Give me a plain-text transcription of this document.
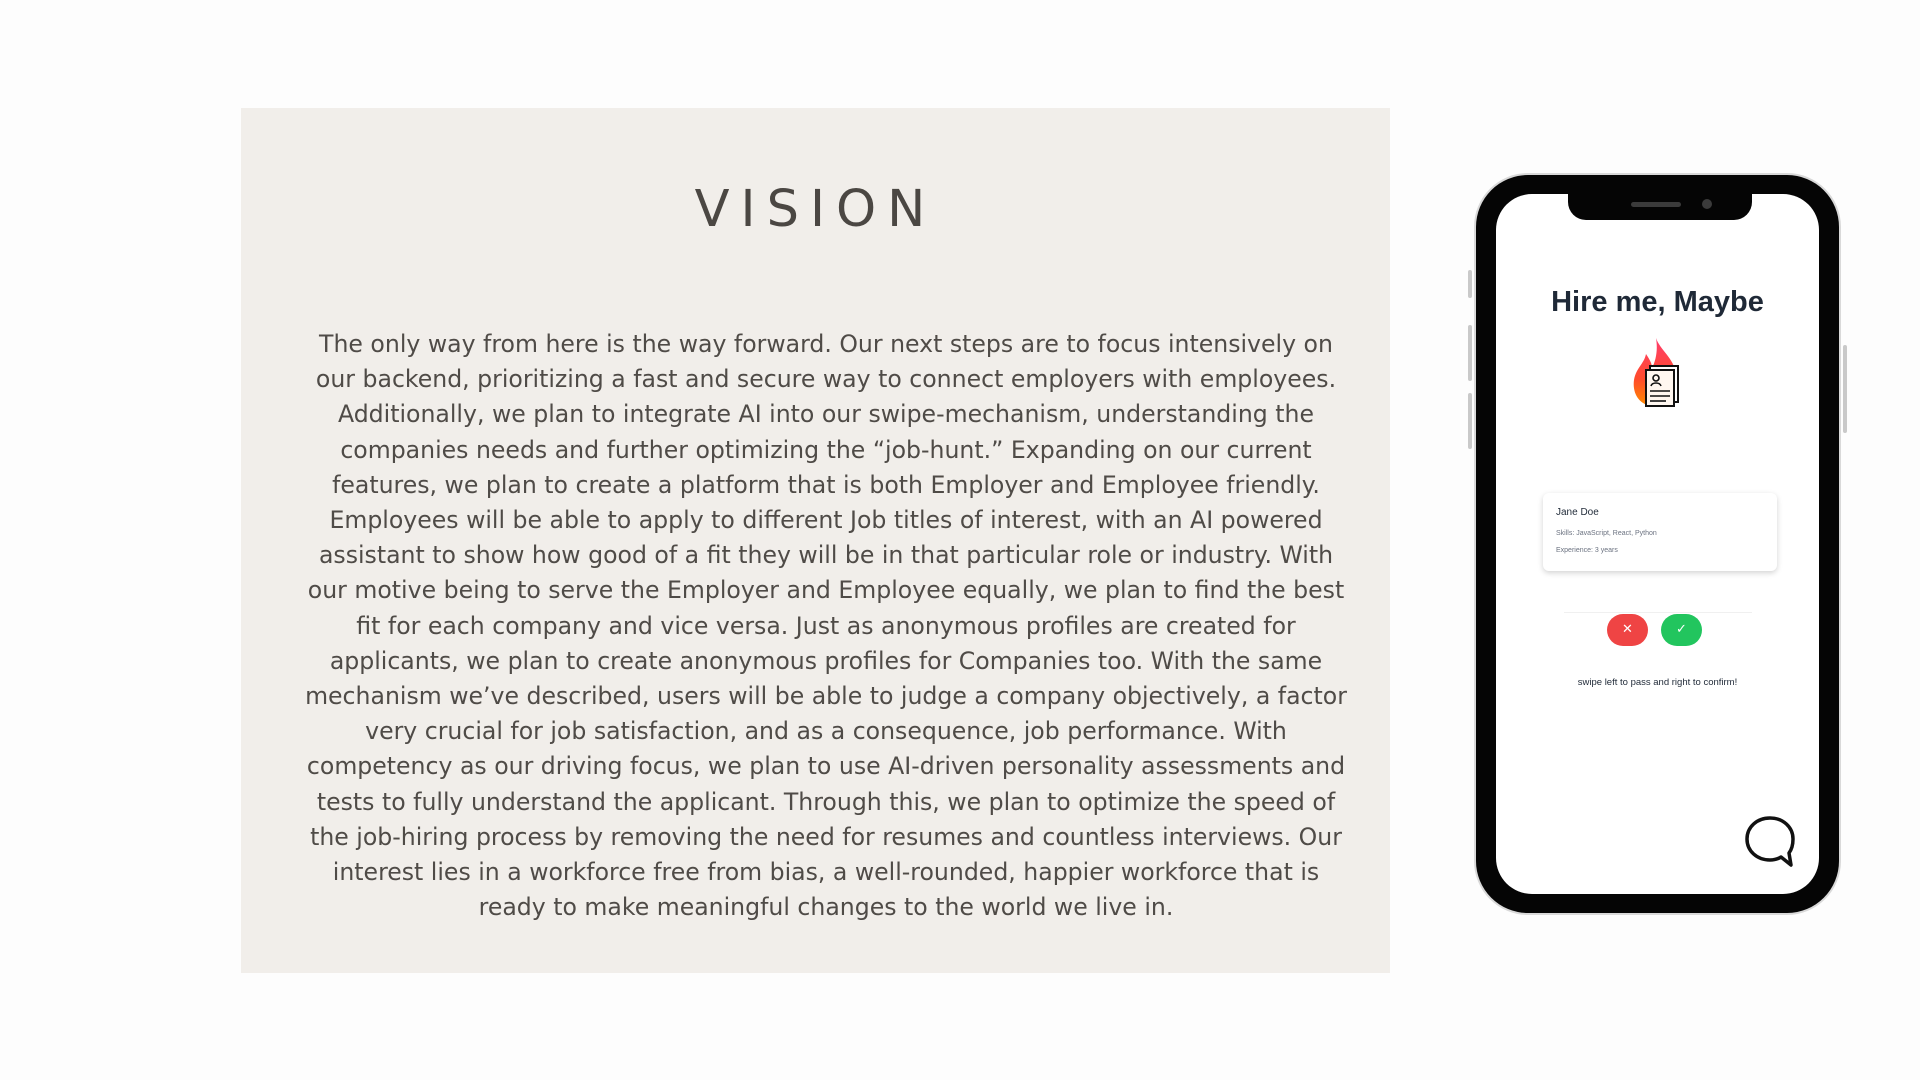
VISION

The only way from here is the way forward. Our next steps are to focus intensively on our backend, prioritizing a fast and secure way to connect employers with employees. Additionally, we plan to integrate AI into our swipe-mechanism, understanding the companies needs and further optimizing the “job-hunt.” Expanding on our current features, we plan to create a platform that is both Employer and Employee friendly. Employees will be able to apply to different Job titles of interest, with an AI powered assistant to show how good of a fit they will be in that particular role or industry. With our motive being to serve the Employer and Employee equally, we plan to find the best fit for each company and vice versa. Just as anonymous profiles are created for applicants, we plan to create anonymous profiles for Companies too. With the same mechanism we’ve described, users will be able to judge a company objectively, a factor very crucial for job satisfaction, and as a consequence, job performance. With competency as our driving focus, we plan to use AI-driven personality assessments and tests to fully understand the applicant. Through this, we plan to optimize the speed of the job-hiring process by removing the need for resumes and countless interviews. Our interest lies in a workforce free from bias, a well-rounded, happier workforce that is ready to make meaningful changes to the world we live in.

Hire me, Maybe
Jane Doe
Skills: JavaScript, React, Python
Experience: 3 years
✕	✓

swipe left to pass and right to confirm!
